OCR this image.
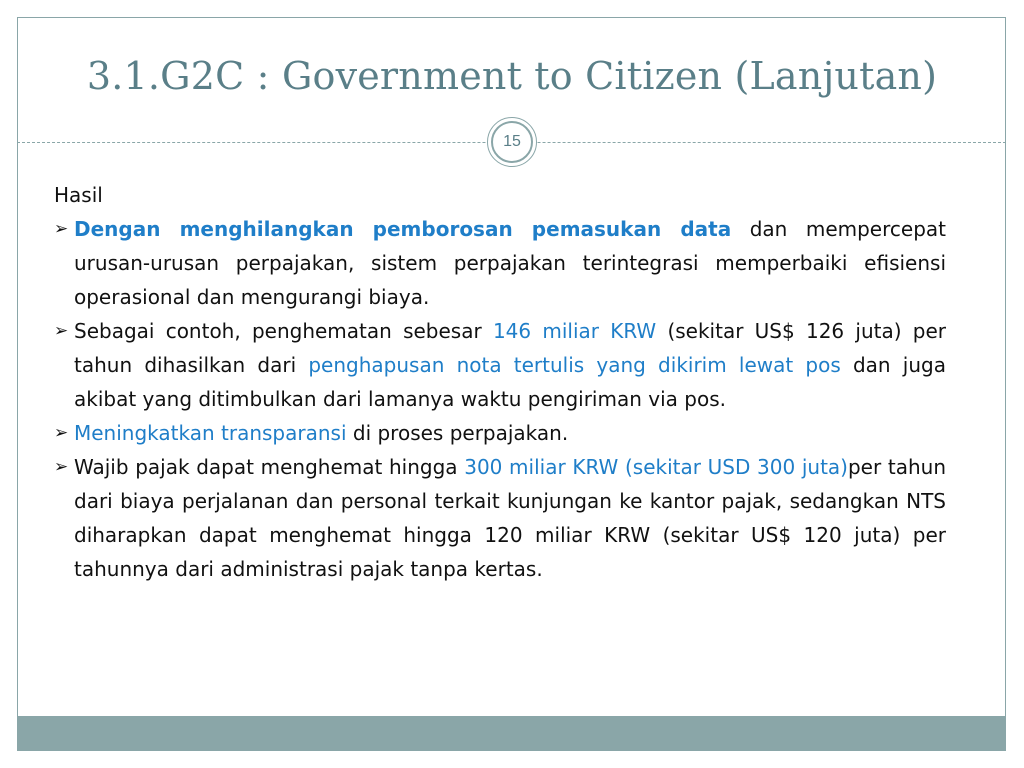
3.1.G2C : Government to Citizen (Lanjutan)
15

Hasil

➢ Dengan menghilangkan pemborosan pemasukan data dan mempercepat urusan-urusan perpajakan, sistem perpajakan terintegrasi memperbaiki efisiensi operasional dan mengurangi biaya.
➢ Sebagai contoh, penghematan sebesar 146 miliar KRW (sekitar US$ 126 juta) per tahun dihasilkan dari penghapusan nota tertulis yang dikirim lewat pos dan juga akibat yang ditimbulkan dari lamanya waktu pengiriman via pos.
➢ Meningkatkan transparansi di proses perpajakan.
➢ Wajib pajak dapat menghemat hingga 300 miliar KRW (sekitar USD 300 juta)per tahun dari biaya perjalanan dan personal terkait kunjungan ke kantor pajak, sedangkan NTS diharapkan dapat menghemat hingga 120 miliar KRW (sekitar US$ 120 juta) per tahunnya dari administrasi pajak tanpa kertas.
